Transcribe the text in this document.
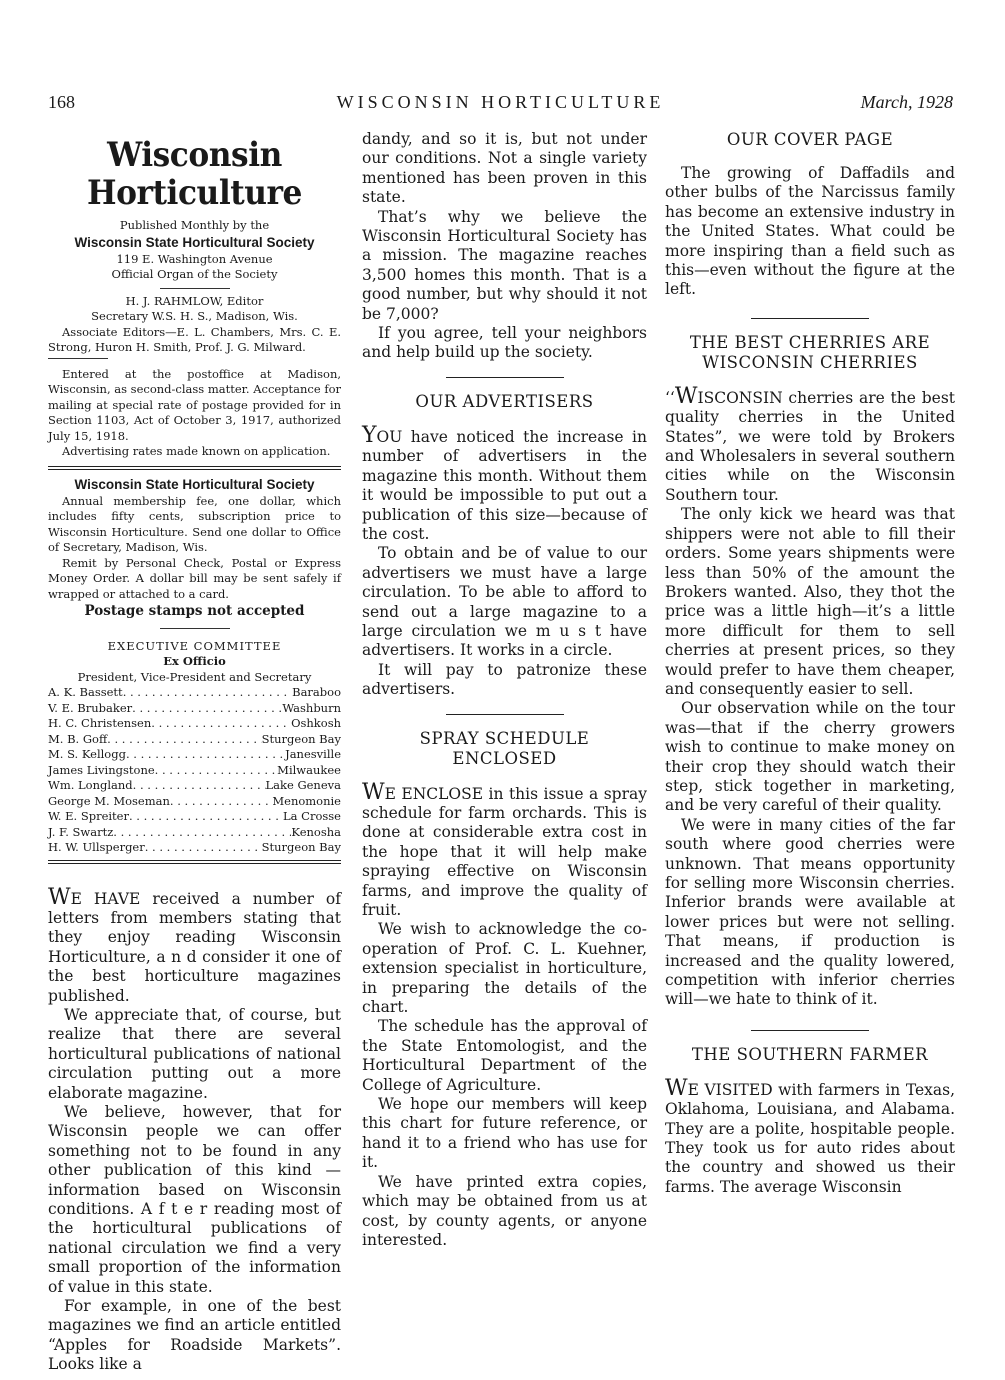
168	WISCONSIN HORTICULTURE	March, 1928
Wisconsin Horticulture
Published Monthly by the
Wisconsin State Horticultural Society
119 E. Washington Avenue
Official Organ of the Society
H. J. RAHMLOW, Editor
Secretary W.S. H. S., Madison, Wis.
Associate Editors—E. L. Chambers, Mrs. C. E. Strong, Huron H. Smith, Prof. J. G. Milward.
Entered at the postoffice at Madison, Wisconsin, as second-class matter. Acceptance for mailing at special rate of postage provided for in Section 1103, Act of October 3, 1917, authorized July 15, 1918.
Advertising rates made known on application.
Wisconsin State Horticultural Society
Annual membership fee, one dollar, which includes fifty cents, subscription price to Wisconsin Horticulture. Send one dollar to Office of Secretary, Madison, Wis.
Remit by Personal Check, Postal or Express Money Order. A dollar bill may be sent safely if wrapped or attached to a card.
Postage stamps not accepted
EXECUTIVE COMMITTEE
Ex Officio
President, Vice-President and Secretary
A. K. Bassett . . .	Baraboo
V. E. Brubaker . . .	Washburn
H. C. Christensen . . .	Oshkosh
M. B. Goff . . .	Sturgeon Bay
M. S. Kellogg . . .	Janesville
James Livingstone . . .	Milwaukee
Wm. Longland . . .	Lake Geneva
George M. Moseman . . .	Menomonie
W. E. Spreiter . . .	La Crosse
J. F. Swartz . . .	Kenosha
H. W. Ullsperger . . .	Sturgeon Bay

WE HAVE received a number of letters from members stating that they enjoy reading Wisconsin Horticulture, a n d consider it one of the best horticulture magazines published.

We appreciate that, of course, but realize that there are several horticultural publications of national circulation putting out a more elaborate magazine.

We believe, however, that for Wisconsin people we can offer something not to be found in any other publication of this kind — information based on Wisconsin conditions. A f t e r reading most of the horticultural publications of national circulation we find a very small proportion of the information of value in this state.

For example, in one of the best magazines we find an article entitled “Apples for Roadside Markets”. Looks like a

dandy, and so it is, but not under our conditions. Not a single variety mentioned has been proven in this state.

That’s why we believe the Wisconsin Horticultural Society has a mission. The magazine reaches 3,500 homes this month. That is a good number, but why should it not be 7,000?

If you agree, tell your neighbors and help build up the society.

OUR ADVERTISERS

YOU have noticed the increase in number of advertisers in the magazine this month. Without them it would be impossible to put out a publication of this size—because of the cost.

To obtain and be of value to our advertisers we must have a large circulation. To be able to afford to send out a large magazine to a large circulation we m u s t have advertisers. It works in a circle.

It will pay to patronize these advertisers.

SPRAY SCHEDULE ENCLOSED

WE ENCLOSE in this issue a spray schedule for farm orchards. This is done at considerable extra cost in the hope that it will help make spraying effective on Wisconsin farms, and improve the quality of fruit.

We wish to acknowledge the co-operation of Prof. C. L. Kuehner, extension specialist in horticulture, in preparing the details of the chart.

The schedule has the approval of the State Entomologist, and the Horticultural Department of the College of Agriculture.

We hope our members will keep this chart for future reference, or hand it to a friend who has use for it.

We have printed extra copies, which may be obtained from us at cost, by county agents, or anyone interested.

OUR COVER PAGE

The growing of Daffadils and other bulbs of the Narcissus family has become an extensive industry in the United States. What could be more inspiring than a field such as this—even without the figure at the left.

THE BEST CHERRIES ARE WISCONSIN CHERRIES

‘‘WISCONSIN cherries are the best quality cherries in the United States”, we were told by Brokers and Wholesalers in several southern cities while on the Wisconsin Southern tour.

The only kick we heard was that shippers were not able to fill their orders. Some years shipments were less than 50% of the amount the Brokers wanted. Also, they thot the price was a little high—it’s a little more difficult for them to sell cherries at present prices, so they would prefer to have them cheaper, and consequently easier to sell.

Our observation while on the tour was—that if the cherry growers wish to continue to make money on their crop they should watch their step, stick together in marketing, and be very careful of their quality.

We were in many cities of the far south where good cherries were unknown. That means opportunity for selling more Wisconsin cherries. Inferior brands were available at lower prices but were not selling. That means, if production is increased and the quality lowered, competition with inferior cherries will—we hate to think of it.

THE SOUTHERN FARMER

WE VISITED with farmers in Texas, Oklahoma, Louisiana, and Alabama. They are a polite, hospitable people. They took us for auto rides about the country and showed us their farms. The average Wisconsin
